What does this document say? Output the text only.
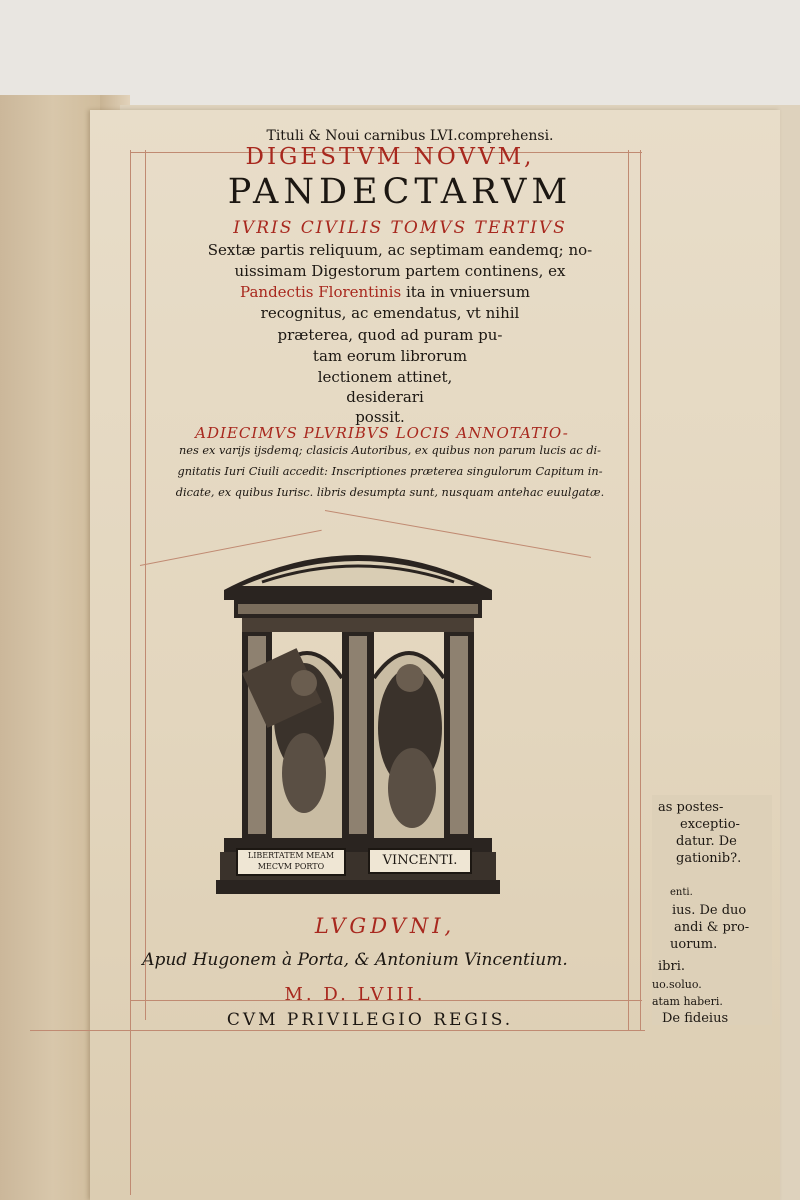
Tituli & Noui carnibus LVI.comprehensi.
DIGESTVM NOVVM,
PANDECTARVM
IVRIS CIVILIS TOMVS TERTIVS
Sextæ partis reliquum, ac septimam eandemq; no-
uissimam Digestorum partem continens, ex
Pandectis Florentinis ita in vniuersum
recognitus, ac emendatus, vt nihil
præterea, quod ad puram pu-
tam eorum librorum
lectionem attinet,
desiderari
possit.
ADIECIMVS PLVRIBVS LOCIS ANNOTATIO-
nes ex varijs ijsdemq; clasicis Autoribus, ex quibus non parum lucis ac di-
gnitatis Iuri Ciuili accedit: Inscriptiones præterea singulorum Capitum in-
dicate, ex quibus Iurisc. libris desumpta sunt, nusquam antehac euulgatæ.
LIBERTATEM MEAM
MECVM PORTO	VINCENTI.
LVGDVNI,
Apud Hugonem à Porta, & Antonium Vincentium.
M. D. LVIII.
CVM PRIVILEGIO REGIS.
as postes-
exceptio-
datur. De
gationib?.
enti.
ius. De duo
andi & pro-
uorum.
ibri.
uo.soluo.
atam haberi.
De fideius
